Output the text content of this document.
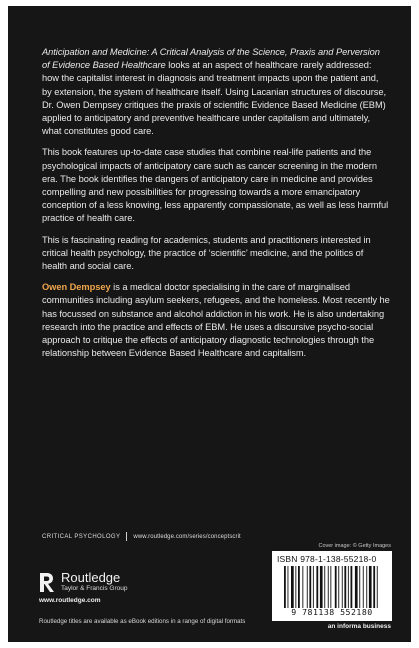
Anticipation and Medicine: A Critical Analysis of the Science, Praxis and Perversion of Evidence Based Healthcare looks at an aspect of healthcare rarely addressed: how the capitalist interest in diagnosis and treatment impacts upon the patient and, by extension, the system of healthcare itself. Using Lacanian structures of discourse, Dr. Owen Dempsey critiques the praxis of scientific Evidence Based Medicine (EBM) applied to anticipatory and preventive healthcare under capitalism and ultimately, what constitutes good care.

This book features up-to-date case studies that combine real-life patients and the psychological impacts of anticipatory care such as cancer screening in the modern era. The book identifies the dangers of anticipatory care in medicine and provides compelling and new possibilities for progressing towards a more emancipatory conception of a less knowing, less apparently compassionate, as well as less harmful practice of health care.

This is fascinating reading for academics, students and practitioners interested in critical health psychology, the practice of ‘scientific’ medicine, and the politics of health and social care.

Owen Dempsey is a medical doctor specialising in the care of marginalised communities including asylum seekers, refugees, and the homeless. Most recently he has focussed on substance and alcohol addiction in his work. He is also undertaking research into the practice and effects of EBM. He uses a discursive psycho-social approach to critique the effects of anticipatory diagnostic technologies through the relationship between Evidence Based Healthcare and capitalism.

CRITICAL PSYCHOLOGY www.routledge.com/series/conceptscrit
Cover image: © Getty Images
ISBN 978-1-138-55218-0
9 781138 552180
Routledge
Taylor & Francis Group
www.routledge.com
Routledge titles are available as eBook editions in a range of digital formats
an informa business
